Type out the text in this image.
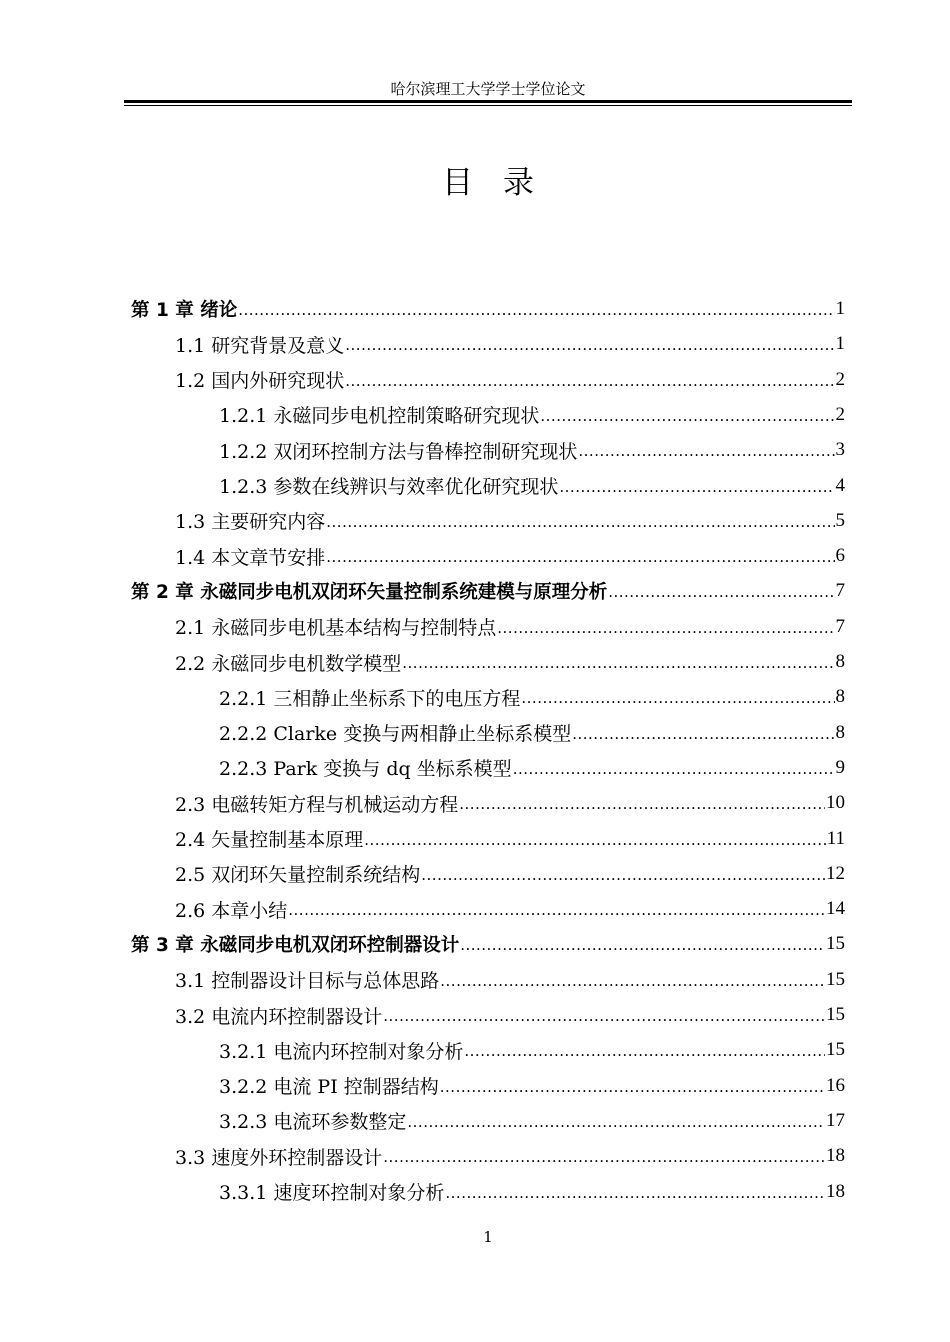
哈尔滨理工大学学士学位论文
目录
第 1 章 绪论 .....	1
1.1 研究背景及意义 .....	1
1.2 国内外研究现状 .....	2
1.2.1 永磁同步电机控制策略研究现状 .....	2
1.2.2 双闭环控制方法与鲁棒控制研究现状 .....	3
1.2.3 参数在线辨识与效率优化研究现状 .....	4
1.3 主要研究内容 .....	5
1.4 本文章节安排 .....	6
第 2 章 永磁同步电机双闭环矢量控制系统建模与原理分析 .....	7
2.1 永磁同步电机基本结构与控制特点 .....	7
2.2 永磁同步电机数学模型 .....	8
2.2.1 三相静止坐标系下的电压方程 .....	8
2.2.2 Clarke 变换与两相静止坐标系模型 .....	8
2.2.3 Park 变换与 dq 坐标系模型 .....	9
2.3 电磁转矩方程与机械运动方程 .....	10
2.4 矢量控制基本原理 .....	11
2.5 双闭环矢量控制系统结构 .....	12
2.6 本章小结 .....	14
第 3 章 永磁同步电机双闭环控制器设计 .....	15
3.1 控制器设计目标与总体思路 .....	15
3.2 电流内环控制器设计 .....	15
3.2.1 电流内环控制对象分析 .....	15
3.2.2 电流 PI 控制器结构 .....	16
3.2.3 电流环参数整定 .....	17
3.3 速度外环控制器设计 .....	18
3.3.1 速度环控制对象分析 .....	18
1
